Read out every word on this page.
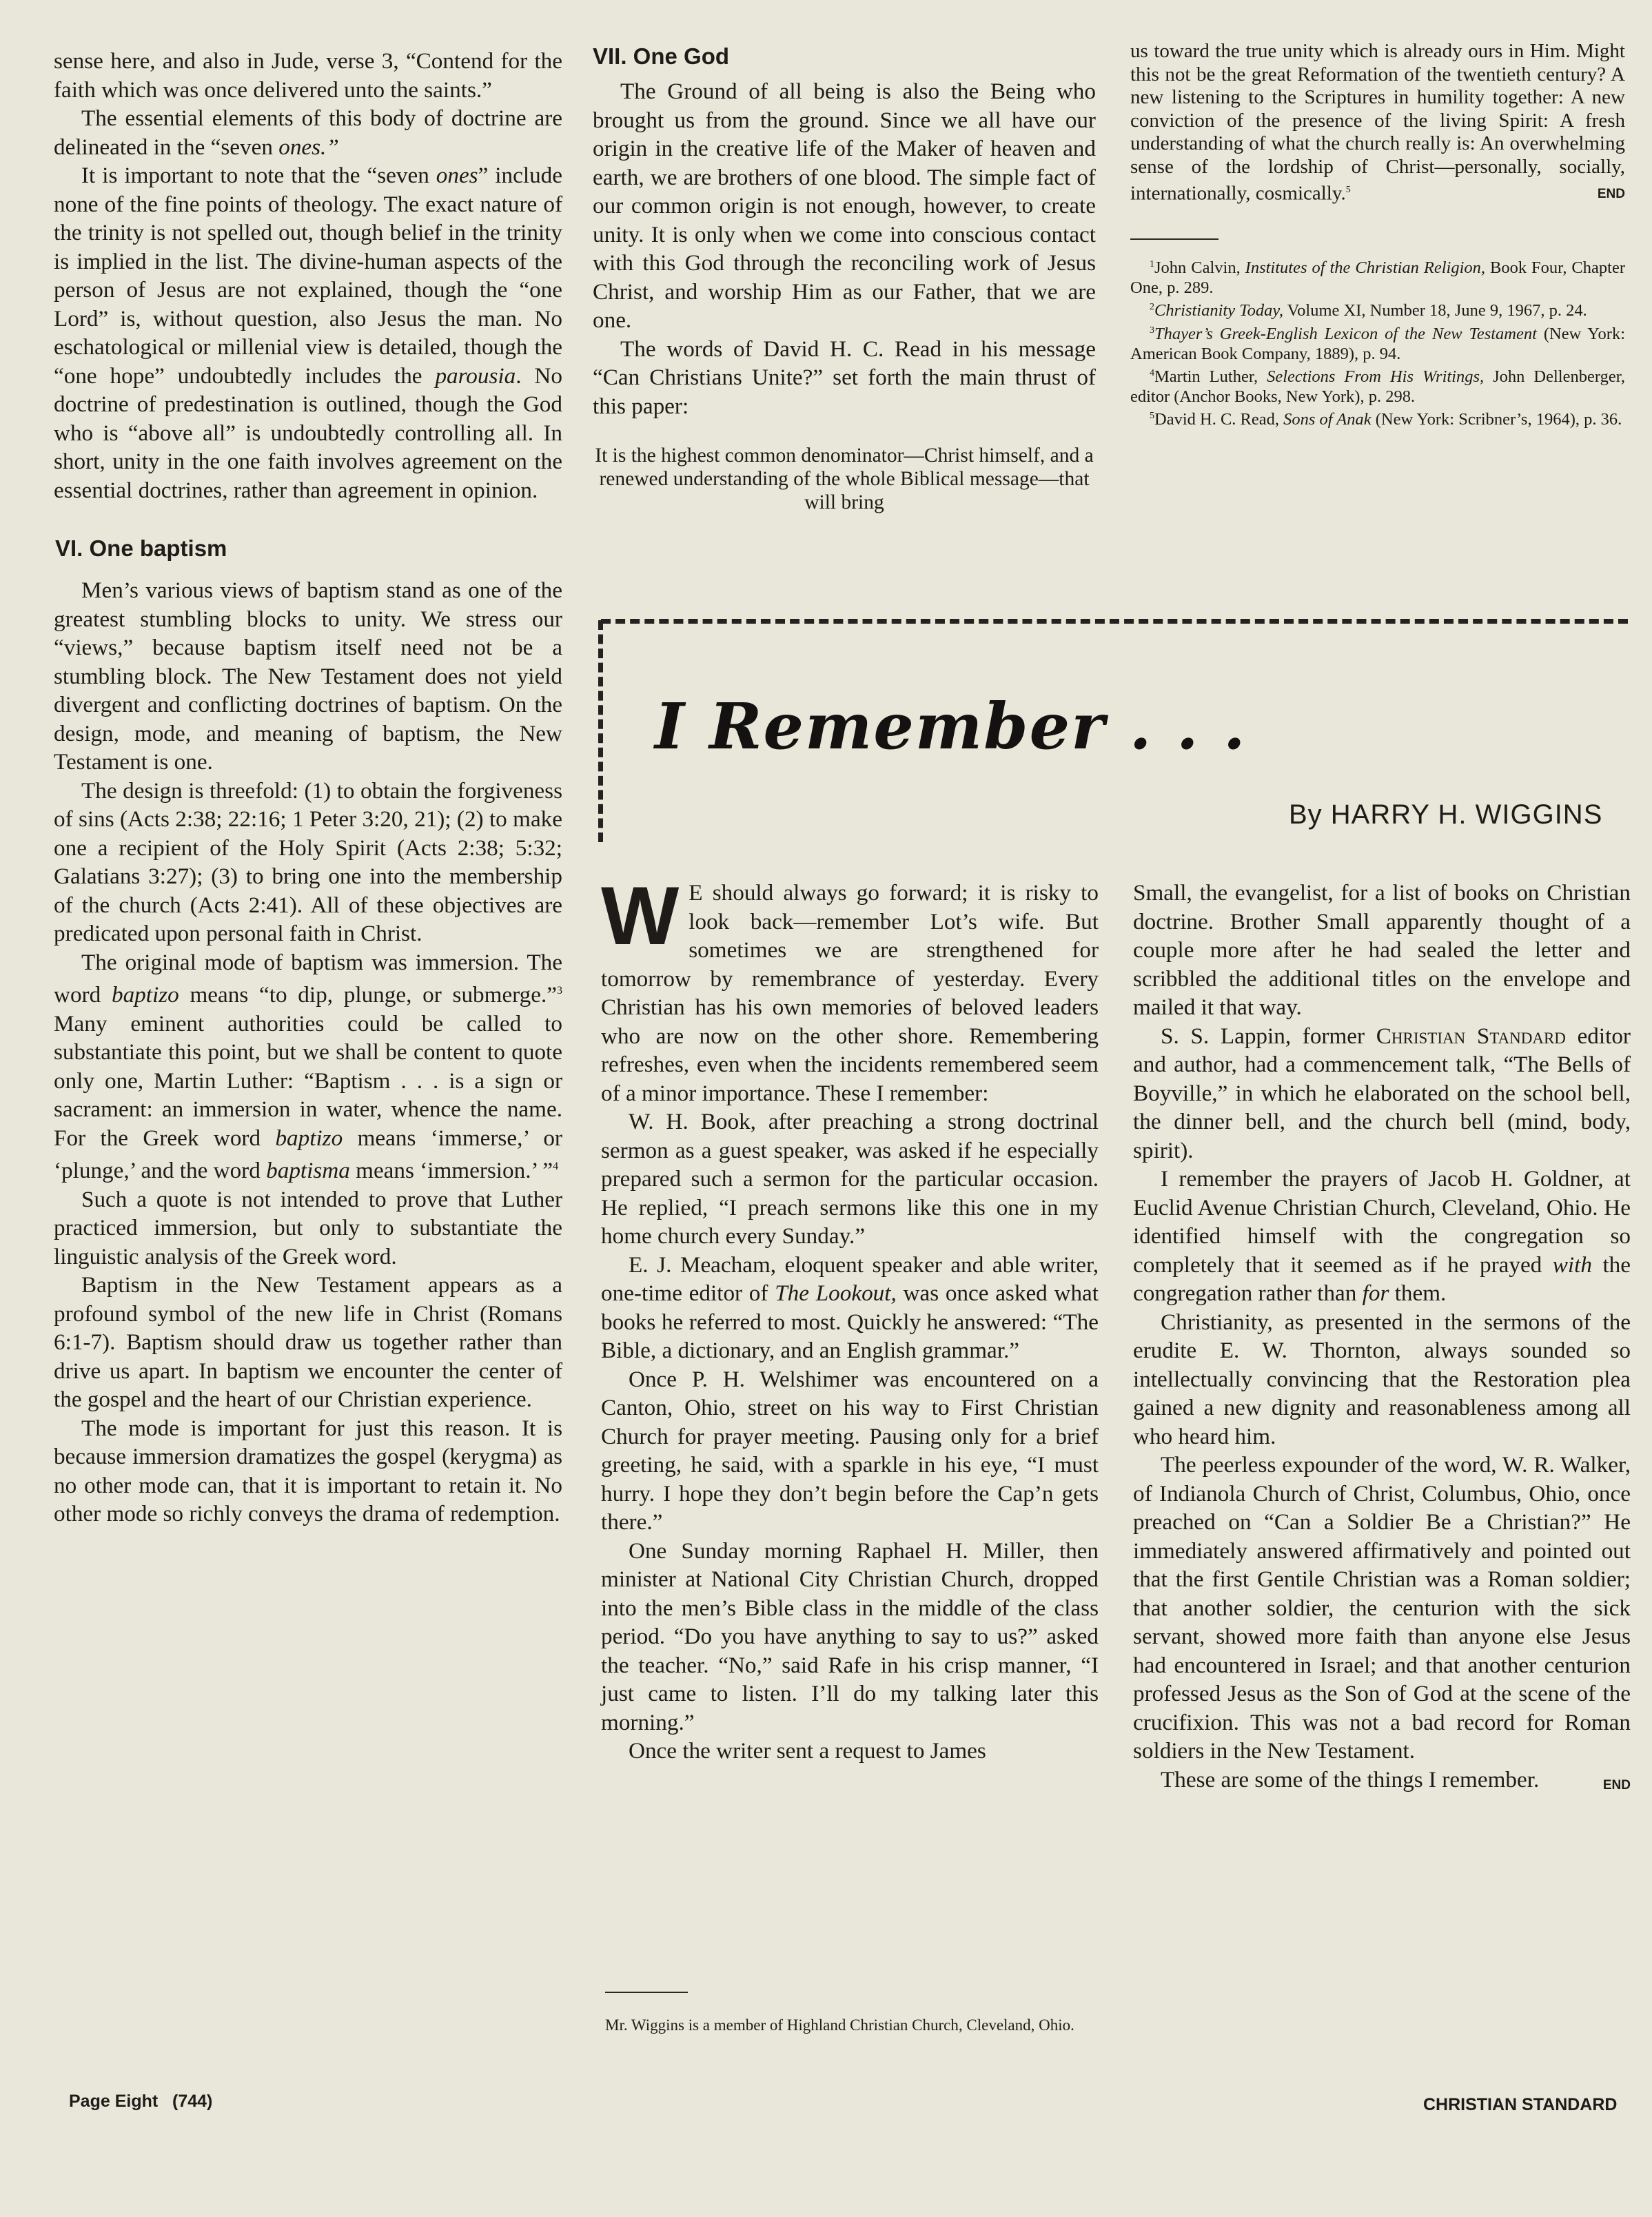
sense here, and also in Jude, verse 3, “Contend for the faith which was once delivered unto the saints.”

The essential elements of this body of doctrine are delineated in the “seven ones.”

It is important to note that the “seven ones” include none of the fine points of theology. The exact nature of the trinity is not spelled out, though belief in the trinity is implied in the list. The divine-human aspects of the person of Jesus are not explained, though the “one Lord” is, without question, also Jesus the man. No eschatological or millenial view is detailed, though the “one hope” undoubtedly includes the parousia. No doctrine of predestination is outlined, though the God who is “above all” is undoubtedly controlling all. In short, unity in the one faith involves agreement on the essential doctrines, rather than agreement in opinion.

VI. One baptism

Men’s various views of baptism stand as one of the greatest stumbling blocks to unity. We stress our “views,” because baptism itself need not be a stumbling block. The New Testament does not yield divergent and conflicting doctrines of baptism. On the design, mode, and meaning of baptism, the New Testament is one.

The design is threefold: (1) to obtain the forgiveness of sins (Acts 2:38; 22:16; 1 Peter 3:20, 21); (2) to make one a recipient of the Holy Spirit (Acts 2:38; 5:32; Galatians 3:27); (3) to bring one into the membership of the church (Acts 2:41). All of these objectives are predicated upon personal faith in Christ.

The original mode of baptism was immersion. The word baptizo means “to dip, plunge, or submerge.”$^3$ Many eminent authorities could be called to substantiate this point, but we shall be content to quote only one, Martin Luther: “Baptism . . . is a sign or sacrament: an immersion in water, whence the name. For the Greek word baptizo means ‘immerse,’ or ‘plunge,’ and the word baptisma means ‘immersion.’ ”$^4$

Such a quote is not intended to prove that Luther practiced immersion, but only to substantiate the linguistic analysis of the Greek word.

Baptism in the New Testament appears as a profound symbol of the new life in Christ (Romans 6:1-7). Baptism should draw us together rather than drive us apart. In baptism we encounter the center of the gospel and the heart of our Christian experience.

The mode is important for just this reason. It is because immersion dramatizes the gospel (kerygma) as no other mode can, that it is important to retain it. No other mode so richly conveys the drama of redemption.

VII. One God

The Ground of all being is also the Being who brought us from the ground. Since we all have our origin in the creative life of the Maker of heaven and earth, we are brothers of one blood. The simple fact of our common origin is not enough, however, to create unity. It is only when we come into conscious contact with this God through the reconciling work of Jesus Christ, and worship Him as our Father, that we are one.

The words of David H. C. Read in his message “Can Christians Unite?” set forth the main thrust of this paper:

It is the highest common denominator—Christ himself, and a renewed understanding of the whole Biblical message—that will bring

us toward the true unity which is already ours in Him. Might this not be the great Reformation of the twentieth century? A new listening to the Scriptures in humility together: A new conviction of the presence of the living Spirit: A fresh understanding of what the church really is: An overwhelming sense of the lordship of Christ—personally, socially, internationally, cosmically.$^5$	END

$^1$John Calvin, Institutes of the Christian Religion, Book Four, Chapter One, p. 289.

$^2$Christianity Today, Volume XI, Number 18, June 9, 1967, p. 24.

$^3$Thayer’s Greek-English Lexicon of the New Testament (New York: American Book Company, 1889), p. 94.

$^4$Martin Luther, Selections From His Writings, John Dellenberger, editor (Anchor Books, New York), p. 298.

$^5$David H. C. Read, Sons of Anak (New York: Scribner’s, 1964), p. 36.

I Remember . . .
By HARRY H. WIGGINS

W E should always go forward; it is risky to look back—remember Lot’s wife. But sometimes we are strengthened for tomorrow by remembrance of yesterday. Every Christian has his own memories of beloved leaders who are now on the other shore. Remembering refreshes, even when the incidents remembered seem of a minor importance. These I remember:

W. H. Book, after preaching a strong doctrinal sermon as a guest speaker, was asked if he especially prepared such a sermon for the particular occasion. He replied, “I preach sermons like this one in my home church every Sunday.”

E. J. Meacham, eloquent speaker and able writer, one-time editor of The Lookout, was once asked what books he referred to most. Quickly he answered: “The Bible, a dictionary, and an English grammar.”

Once P. H. Welshimer was encountered on a Canton, Ohio, street on his way to First Christian Church for prayer meeting. Pausing only for a brief greeting, he said, with a sparkle in his eye, “I must hurry. I hope they don’t begin before the Cap’n gets there.”

One Sunday morning Raphael H. Miller, then minister at National City Christian Church, dropped into the men’s Bible class in the middle of the class period. “Do you have anything to say to us?” asked the teacher. “No,” said Rafe in his crisp manner, “I just came to listen. I’ll do my talking later this morning.”

Once the writer sent a request to James

Mr. Wiggins is a member of Highland Christian Church, Cleveland, Ohio.

Small, the evangelist, for a list of books on Christian doctrine. Brother Small apparently thought of a couple more after he had sealed the letter and scribbled the additional titles on the envelope and mailed it that way.

S. S. Lappin, former Christian Standard editor and author, had a commencement talk, “The Bells of Boyville,” in which he elaborated on the school bell, the dinner bell, and the church bell (mind, body, spirit).

I remember the prayers of Jacob H. Goldner, at Euclid Avenue Christian Church, Cleveland, Ohio. He identified himself with the congregation so completely that it seemed as if he prayed with the congregation rather than for them.

Christianity, as presented in the sermons of the erudite E. W. Thornton, always sounded so intellectually convincing that the Restoration plea gained a new dignity and reasonableness among all who heard him.

The peerless expounder of the word, W. R. Walker, of Indianola Church of Christ, Columbus, Ohio, once preached on “Can a Soldier Be a Christian?” He immediately answered affirmatively and pointed out that the first Gentile Christian was a Roman soldier; that another soldier, the centurion with the sick servant, showed more faith than anyone else Jesus had encountered in Israel; and that another centurion professed Jesus as the Son of God at the scene of the crucifixion. This was not a bad record for Roman soldiers in the New Testament.

These are some of the things I remember.	END

Page Eight   (744)	CHRISTIAN STANDARD
